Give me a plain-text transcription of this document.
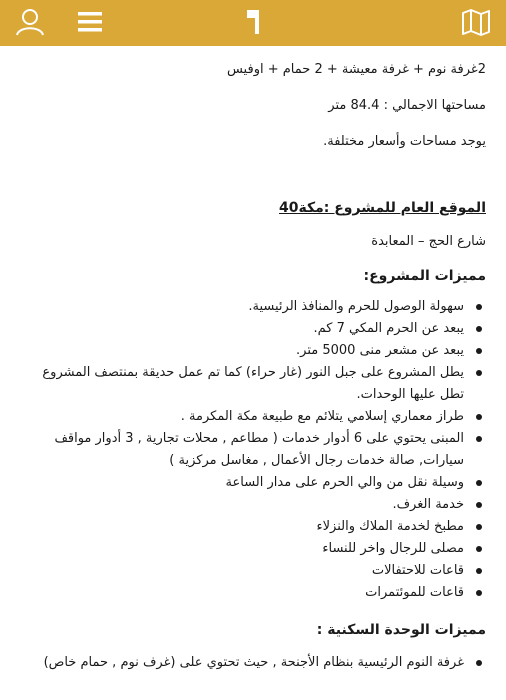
2غرفة نوم + غرفة معيشة + 2 حمام + اوفيس
مساحتها الاجمالي : 84.4 متر
يوجد مساحات وأسعار مختلفة.
الموقع العام للمشروع :مكة40
شارع الحج – المعابدة
مميزات المشروع:
سهولة الوصول للحرم والمنافذ الرئيسية.
يبعد عن الحرم المكي 7 كم.
يبعد عن مشعر منى 5000 متر.
يطل المشروع على جبل النور (غار حراء) كما تم عمل حديقة بمنتصف المشروع تطل عليها الوحدات.
طراز معماري إسلامي يتلائم مع طبيعة مكة المكرمة .
المبنى يحتوي على 6 أدوار خدمات ( مطاعم , محلات تجارية , 3 أدوار مواقف سيارات, صالة خدمات رجال الأعمال , مغاسل مركزية )
وسيلة نقل من والي الحرم على مدار الساعة
خدمة الغرف.
مطبخ لخدمة الملاك والنزلاء
مصلى للرجال واخر للنساء
قاعات للاحتفالات
قاعات للموئتمرات
مميزات الوحدة السكنية :
غرفة النوم الرئيسية بنظام الأجنحة , حيث تحتوي على (غرف نوم , حمام خاص)
